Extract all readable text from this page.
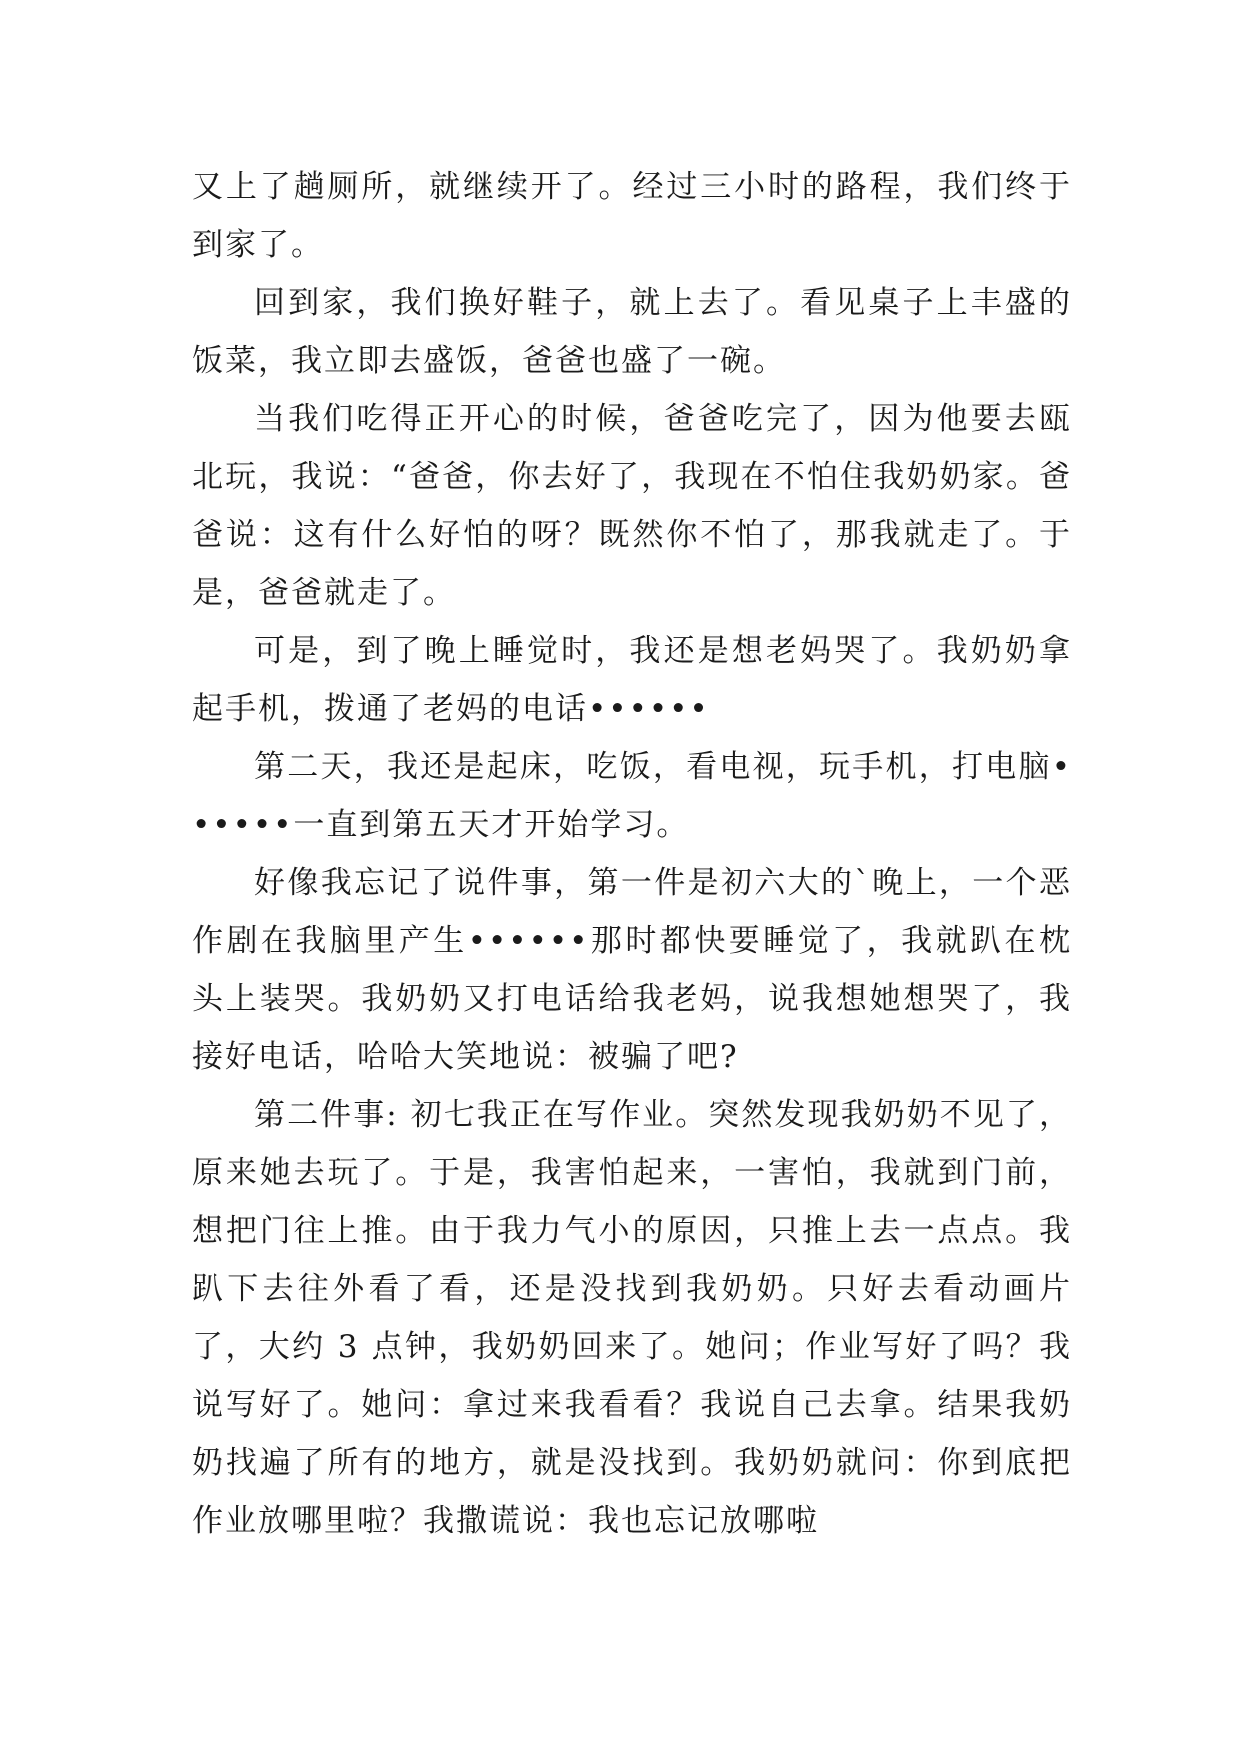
又上了趟厕所，就继续开了。经过三小时的路程，我们终于到家了。

回到家，我们换好鞋子，就上去了。看见桌子上丰盛的饭菜，我立即去盛饭，爸爸也盛了一碗。

当我们吃得正开心的时候，爸爸吃完了，因为他要去瓯北玩，我说：“爸爸，你去好了，我现在不怕住我奶奶家。爸爸说：这有什么好怕的呀？既然你不怕了，那我就走了。于是，爸爸就走了。

可是，到了晚上睡觉时，我还是想老妈哭了。我奶奶拿起手机，拨通了老妈的电话••••••

第二天，我还是起床，吃饭，看电视，玩手机，打电脑••••••一直到第五天才开始学习。

好像我忘记了说件事，第一件是初六大的`晚上，一个恶作剧在我脑里产生••••••那时都快要睡觉了，我就趴在枕头上装哭。我奶奶又打电话给我老妈，说我想她想哭了，我接好电话，哈哈大笑地说：被骗了吧?

第二件事: 初七我正在写作业。突然发现我奶奶不见了，原来她去玩了。于是，我害怕起来，一害怕，我就到门前，想把门往上推。由于我力气小的原因，只推上去一点点。我趴下去往外看了看，还是没找到我奶奶。只好去看动画片了，大约 3 点钟，我奶奶回来了。她问；作业写好了吗？我说写好了。她问：拿过来我看看？我说自己去拿。结果我奶奶找遍了所有的地方，就是没找到。我奶奶就问：你到底把作业放哪里啦？我撒谎说：我也忘记放哪啦
